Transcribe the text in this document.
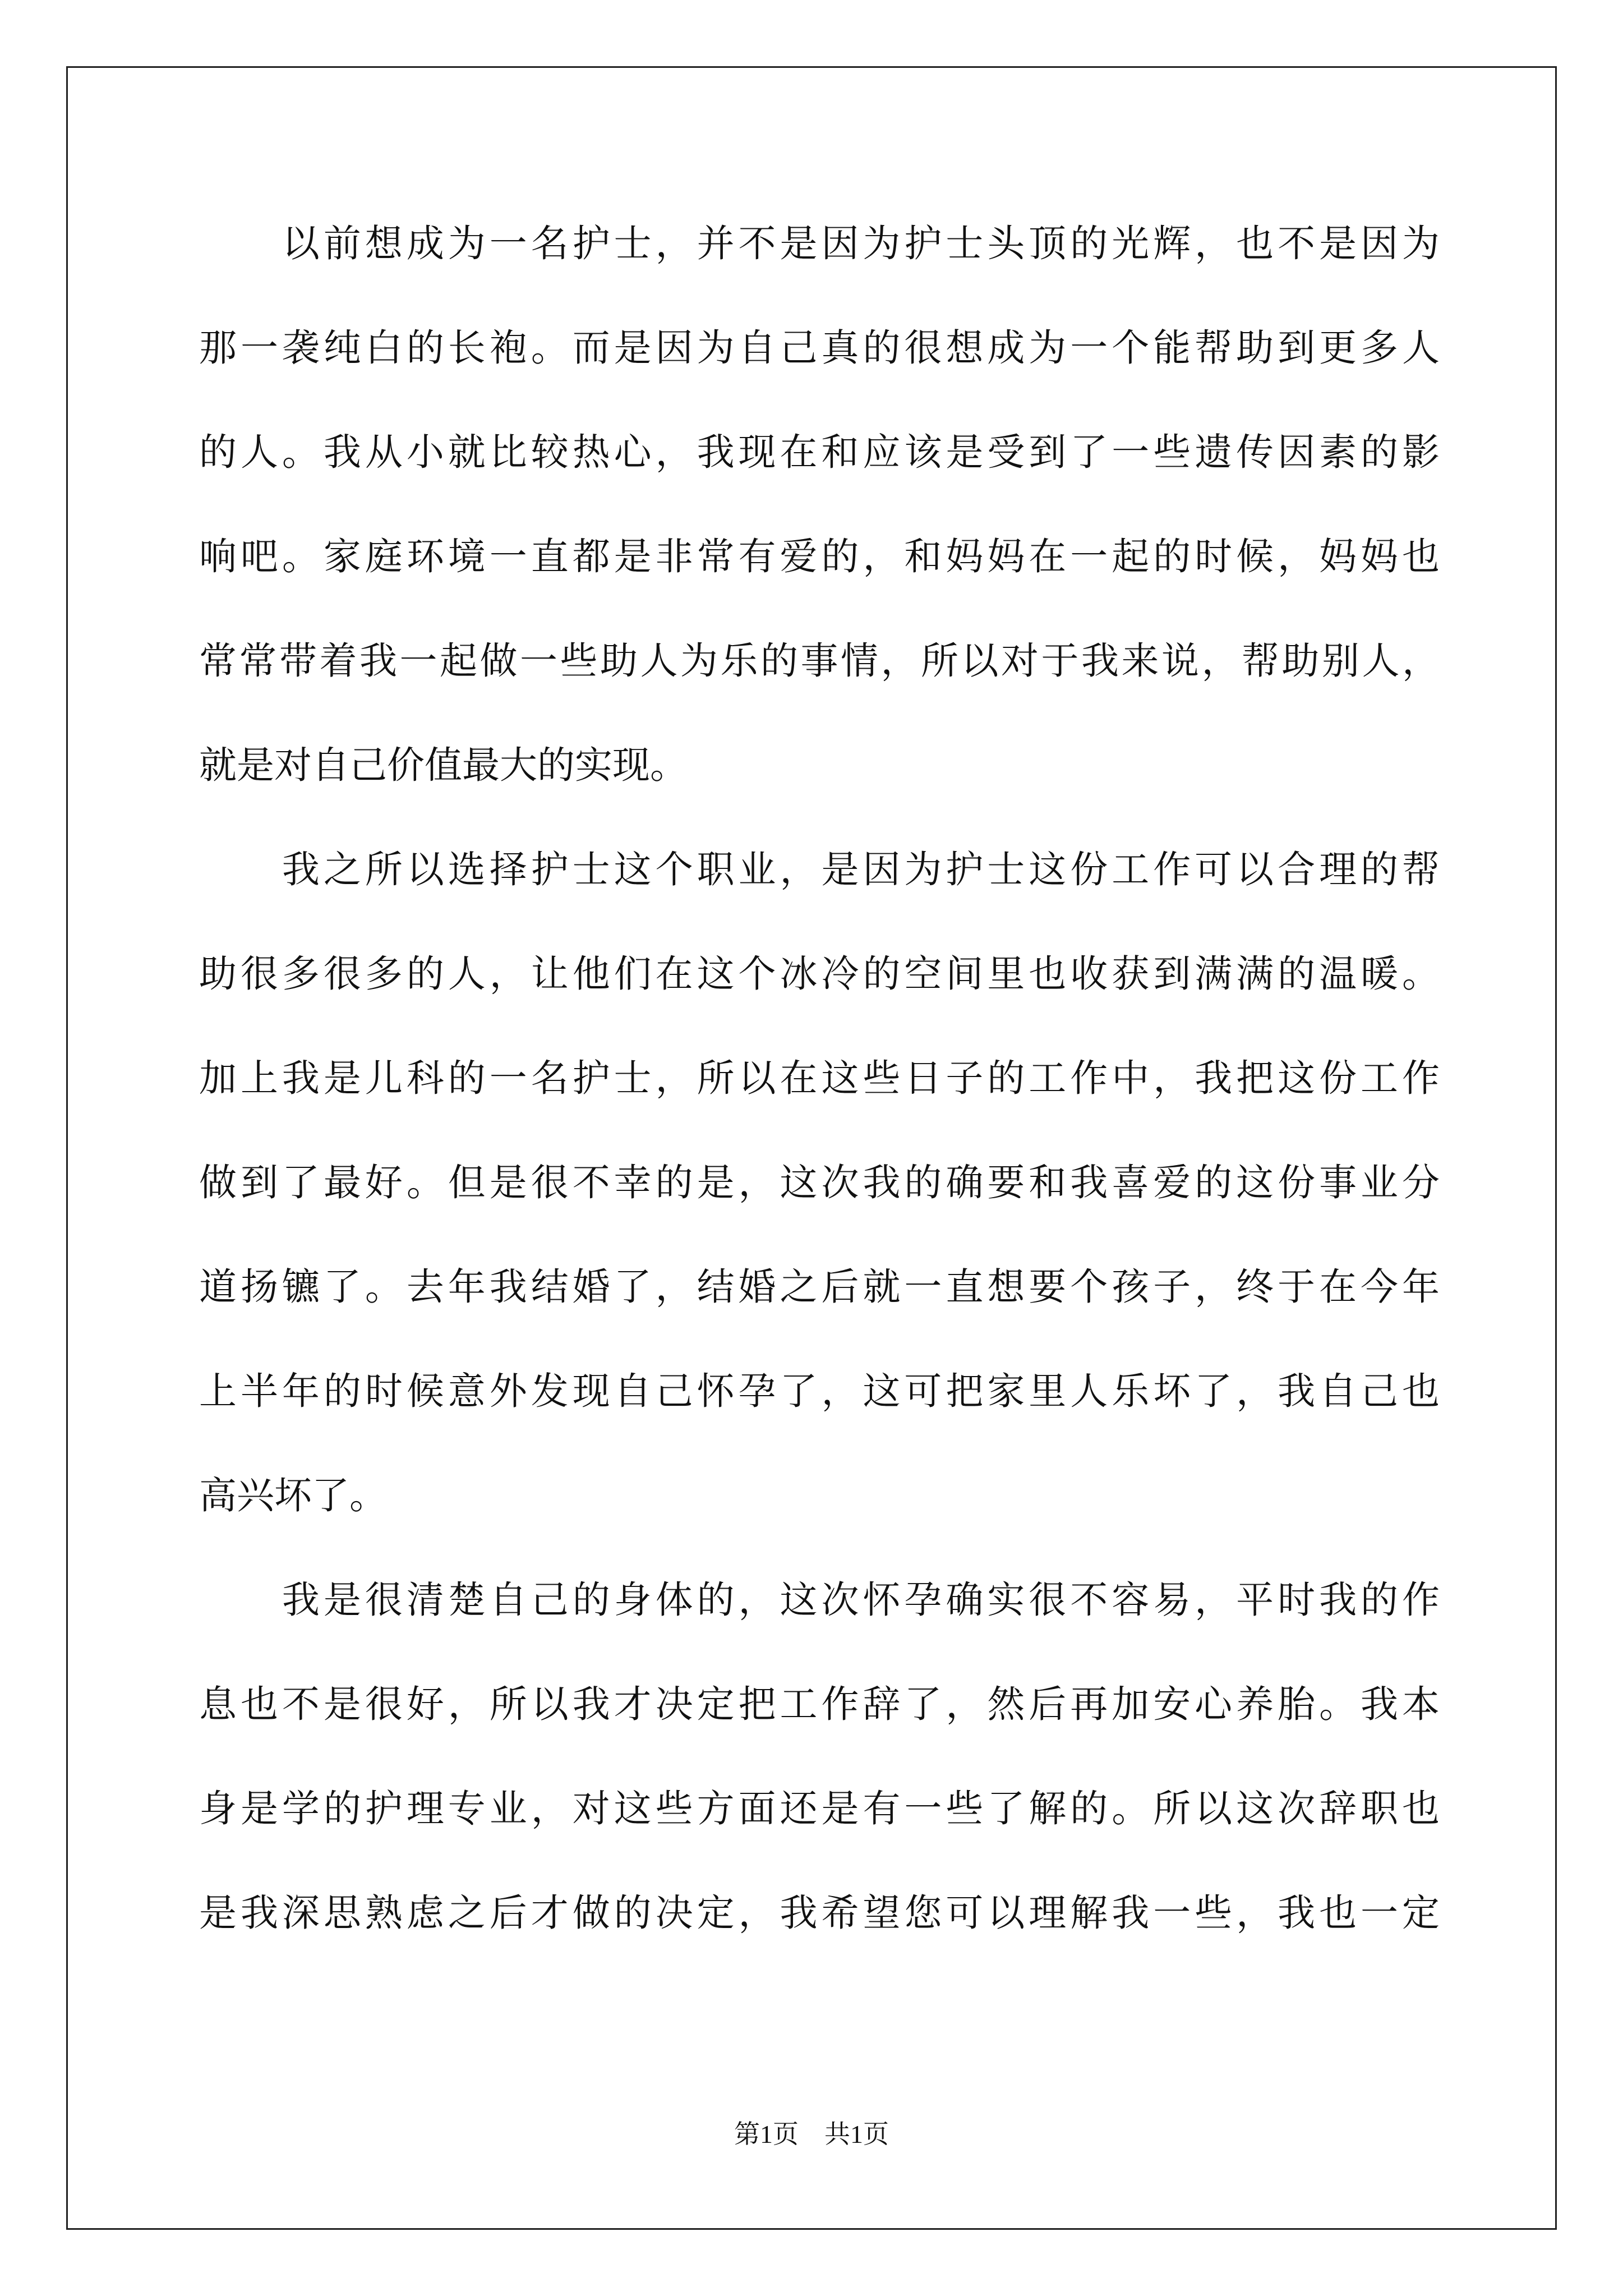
　　以前想成为一名护士，并不是因为护士头顶的光辉，也不是因为
那一袭纯白的长袍。而是因为自己真的很想成为一个能帮助到更多人
的人。我从小就比较热心，我现在和应该是受到了一些遗传因素的影
响吧。家庭环境一直都是非常有爱的，和妈妈在一起的时候，妈妈也
常常带着我一起做一些助人为乐的事情，所以对于我来说，帮助别人，
就是对自己价值最大的实现。
　　我之所以选择护士这个职业，是因为护士这份工作可以合理的帮
助很多很多的人，让他们在这个冰冷的空间里也收获到满满的温暖。
加上我是儿科的一名护士，所以在这些日子的工作中，我把这份工作
做到了最好。但是很不幸的是，这次我的确要和我喜爱的这份事业分
道扬镳了。去年我结婚了，结婚之后就一直想要个孩子，终于在今年
上半年的时候意外发现自己怀孕了，这可把家里人乐坏了，我自己也
高兴坏了。
　　我是很清楚自己的身体的，这次怀孕确实很不容易，平时我的作
息也不是很好，所以我才决定把工作辞了，然后再加安心养胎。我本
身是学的护理专业，对这些方面还是有一些了解的。所以这次辞职也
是我深思熟虑之后才做的决定，我希望您可以理解我一些，我也一定
第1页　共1页
